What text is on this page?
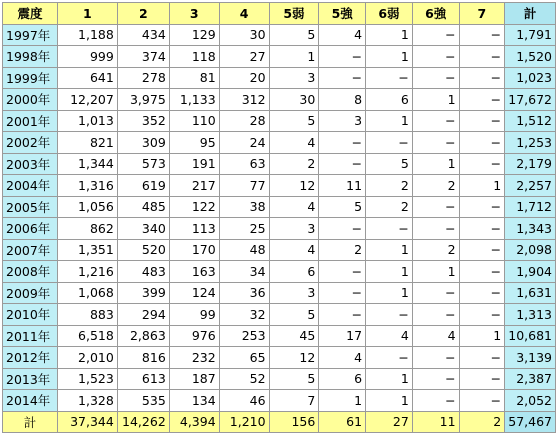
震度	1	2	3	4	5弱	5強	6弱	6強	7	計
1997年	1,188	434	129	30	5	4	1	−	−	1,791
1998年	999	374	118	27	1	−	1	−	−	1,520
1999年	641	278	81	20	3	−	−	−	−	1,023
2000年	12,207	3,975	1,133	312	30	8	6	1	−	17,672
2001年	1,013	352	110	28	5	3	1	−	−	1,512
2002年	821	309	95	24	4	−	−	−	−	1,253
2003年	1,344	573	191	63	2	−	5	1	−	2,179
2004年	1,316	619	217	77	12	11	2	2	1	2,257
2005年	1,056	485	122	38	4	5	2	−	−	1,712
2006年	862	340	113	25	3	−	−	−	−	1,343
2007年	1,351	520	170	48	4	2	1	2	−	2,098
2008年	1,216	483	163	34	6	−	1	1	−	1,904
2009年	1,068	399	124	36	3	−	1	−	−	1,631
2010年	883	294	99	32	5	−	−	−	−	1,313
2011年	6,518	2,863	976	253	45	17	4	4	1	10,681
2012年	2,010	816	232	65	12	4	−	−	−	3,139
2013年	1,523	613	187	52	5	6	1	−	−	2,387
2014年	1,328	535	134	46	7	1	1	−	−	2,052
計	37,344	14,262	4,394	1,210	156	61	27	11	2	57,467
